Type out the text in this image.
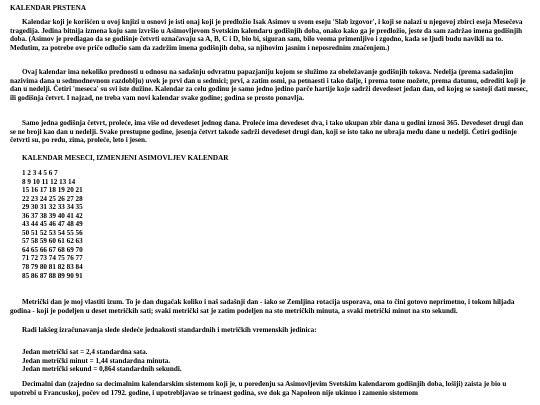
KALENDAR PRSTENA

Kalendar koji je korišćen u ovoj knjizi u osnovi je isti onaj koji je predložio Isak Asimov u svom eseju 'Slab izgovor', i koji se nalazi u njegovoj zbirci eseja Mesečeva tragedija. Jedina bitnija izmena koju sam izvršio u Asimovljevom Svetskim kalendaru godišnjih doba, onako kako ga je predložio, jeste da sam zadržao imena godišnjih doba. (Asimov je predlagao da se godišnje četvrti označavaju sa A, B, C i D, bio bi, siguran sam, bilo veoma primenljivo i zgodno, kada se ljudi budu navikli na to. Međutim, za potrebe ove priče odlučio sam da zadržim imena godišnjih doba, sa njihovim jasnim i neposrednim značenjem.)

Ovaj kalendar ima nekoliko prednosti u odnosu na sadašnju odvratnu papazjaniju kojom se služimo za obeležavanje godišnjih tokova. Nedelja (prema sadašnjim nazivima dana u sedmodnevnom razdoblju) uvek je prvi dan u sedmici; prvi, a zatim osmi, pa petnaesti i tako dalje, i prema tome možete, prema datumu, odrediti koji je dan u nedelji. Četiri 'meseca' su svi iste dužine. Kalendar za celu godinu je samo jedno jedino parče hartije koje sadrži devedeset jedan dan, od kojeg se sastoji dati mesec, ili godišnja četvrt. I najzad, ne treba vam novi kalendar svake godine; godina se prosto ponavlja.

Samo jedna godišnja četvrt, proleće, ima više od devedeset jednog dana. Proleće ima devedeset dva, i tako ukupan zbir dana u godini iznosi 365. Devedeset drugi dan se ne broji kao dan u nedelji. Svake prestupne godine, jesenja četvrt takođe sadrži devedeset drugi dan, koji se isto tako ne ubraja među dane u nedelji. Četiri godišnje četvrti su, po redu, zima, proleće, leto i jesen.

KALENDAR MESECI, IZMENJENI ASIMOVLJEV KALENDAR
1 2 3 4 5 6 7
8 9 10 11 12 13 14
15 16 17 18 19 20 21
22 23 24 25 26 27 28
29 30 31 32 33 34 35
36 37 38 39 40 41 42
43 44 45 46 47 48 49
50 51 52 53 54 55 56
57 58 59 60 61 62 63
64 65 66 67 68 69 70
71 72 73 74 75 76 77
78 79 80 81 82 83 84
85 86 87 88 89 90 91

Metrički dan je moj vlastiti izum. To je dan dugačak koliko i naš sadašnji dan - iako se Zemljina rotacija usporava, ona to čini gotovo neprimetno, i tokom hiljada godina - koji je podeljen u deset metričkih sati; svaki metrički sat je zatim podeljen na sto metričkih minuta, a svaki metrički minut na sto sekundi.

Radi lakšeg izračunavanja slede sledeće jednakosti standardnih i metričkih vremenskih jedinica:

Jedan metrički sat = 2,4 standardna sata.
Jedan metrički minut = 1,44 standardna minuta.
Jedan metrički sekund = 0,864 standardnih sekundi.

Decimalni dan (zajedno sa decimalnim kalendarskim sistemom koji je, u poređenju sa Asimovljevim Svetskim kalendarom godišnjih doba, lošiji) zaista je bio u upotrebi u Francuskoj, počev od 1792. godine, i upotrebljavao se trinaest godina, sve dok ga Napoleon nije ukinuo i zamenio sistemom
